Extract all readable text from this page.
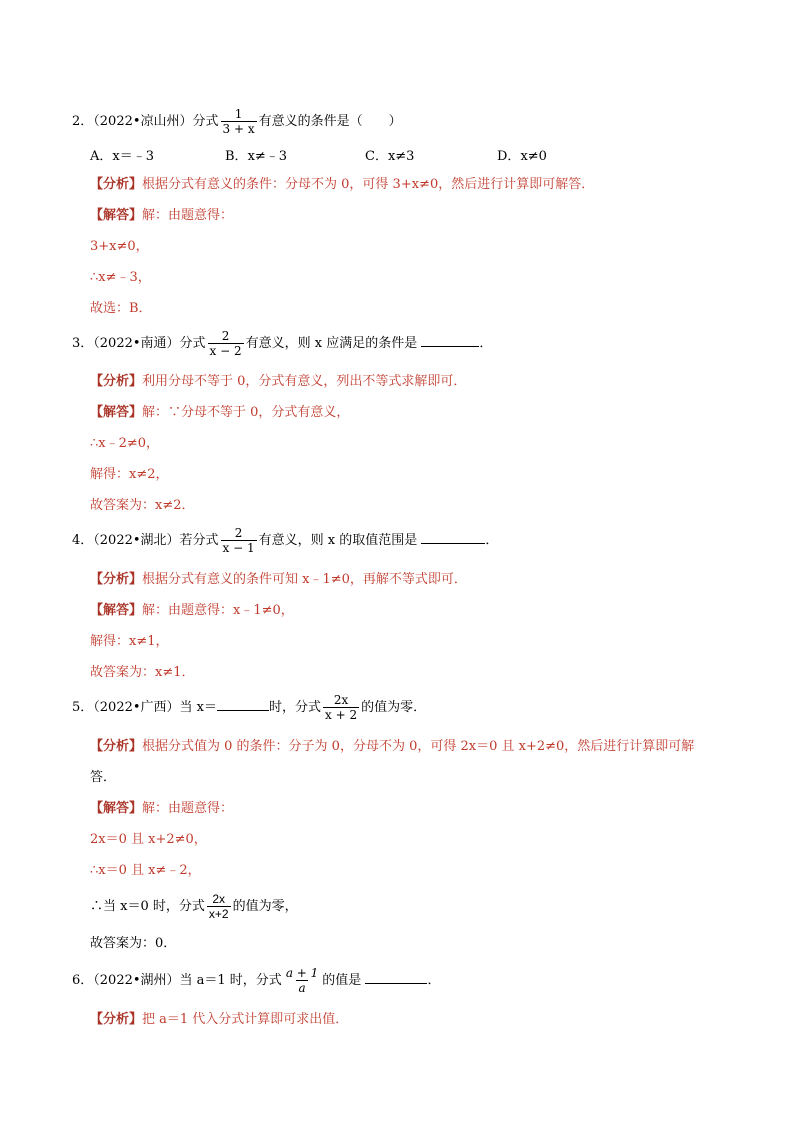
2．（2022•凉山州）分式 $\frac{1}{3 + x}$ 有意义的条件是（　　）
A．x＝﹣3	B．x≠﹣3	C．x≠3	D．x≠0
【分析】根据分式有意义的条件：分母不为 0，可得 3+x≠0，然后进行计算即可解答．
【解答】解：由题意得：
3+x≠0，
∴x≠﹣3，
故选：B．
3．（2022•南通）分式 $\frac{2}{x - 2}$ 有意义，则 x 应满足的条件是	．
【分析】利用分母不等于 0，分式有意义，列出不等式求解即可．
【解答】解：∵分母不等于 0，分式有意义，
∴x﹣2≠0，
解得：x≠2，
故答案为：x≠2．
4．（2022•湖北）若分式 $\frac{2}{x - 1}$ 有意义，则 x 的取值范围是	．
【分析】根据分式有意义的条件可知 x﹣1≠0，再解不等式即可．
【解答】解：由题意得：x﹣1≠0，
解得：x≠1，
故答案为：x≠1．
5．（2022•广西）当 x＝	时，分式 $\frac{2x}{x + 2}$ 的值为零．
【分析】根据分式值为 0 的条件：分子为 0，分母不为 0，可得 2x＝0 且 x+2≠0，然后进行计算即可解
答．
【解答】解：由题意得：
2x＝0 且 x+2≠0，
∴x＝0 且 x≠﹣2，
∴当 x＝0 时，分式 $\frac{2x}{x+2}$ 的值为零，
故答案为：0．
6．（2022•湖州）当 a＝1 时，分式 $\frac{a + 1}{a}$ 的值是	．
【分析】把 a＝1 代入分式计算即可求出值．
